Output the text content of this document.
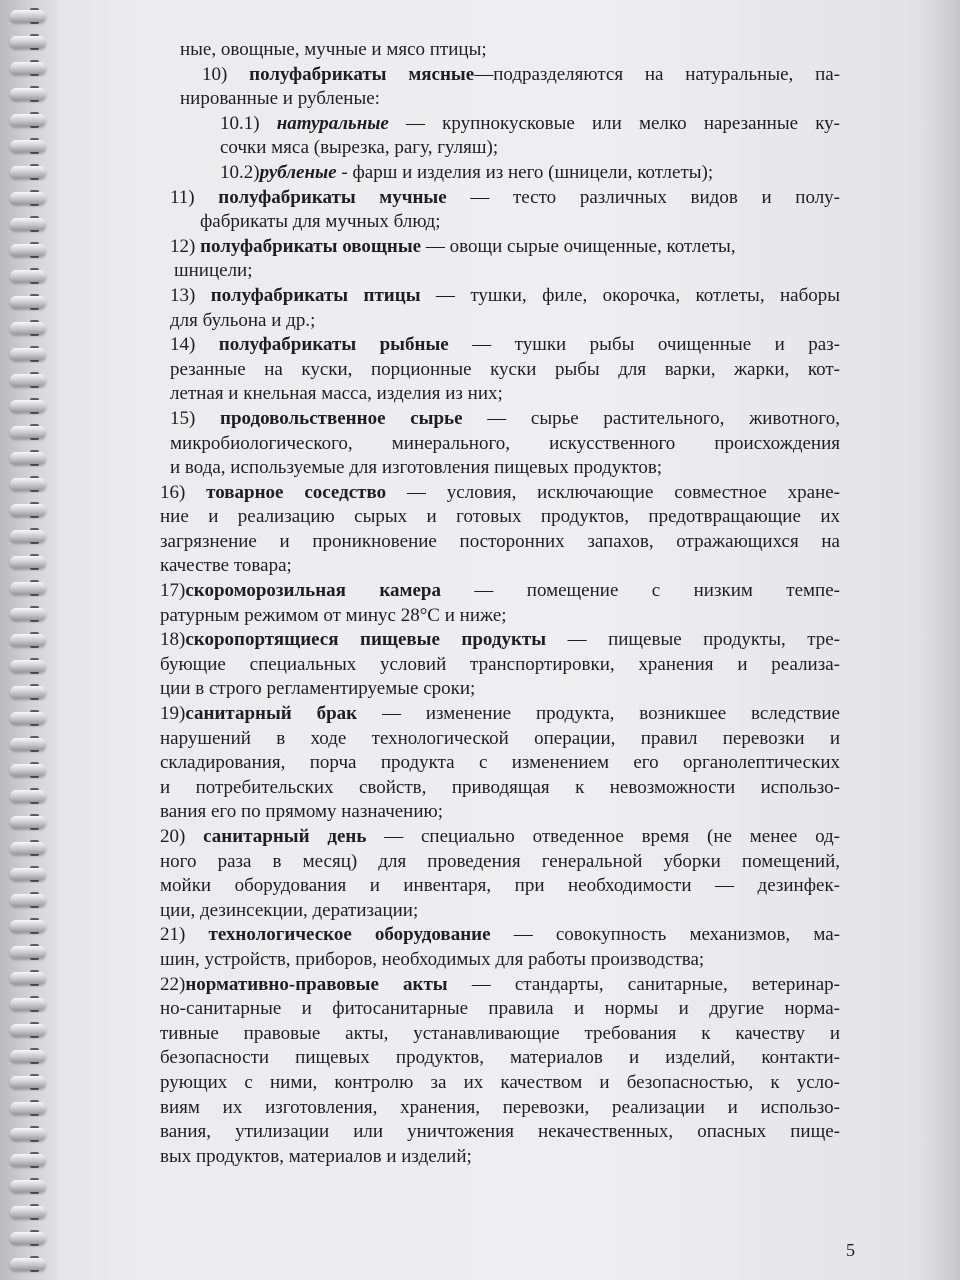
ные, овощные, мучные и мясо птицы;
10) полуфабрикаты мясные—подразделяются на натуральные, па-
нированные и рубленые:
10.1) натуральные — крупнокусковые или мелко нарезанные ку-
сочки мяса (вырезка, рагу, гуляш);
10.2)рубленые - фарш и изделия из него (шницели, котлеты);
11) полуфабрикаты мучные — тесто различных видов и полу-
фабрикаты для мучных блюд;
12) полуфабрикаты овощные — овощи сырые очищенные, котлеты,
шницели;
13) полуфабрикаты птицы — тушки, филе, окорочка, котлеты, наборы
для бульона и др.;
14) полуфабрикаты рыбные — тушки рыбы очищенные и раз-
резанные на куски, порционные куски рыбы для варки, жарки, кот-
летная и кнельная масса, изделия из них;
15) продовольственное сырье — сырье растительного, животного,
микробиологического, минерального, искусственного происхождения
и вода, используемые для изготовления пищевых продуктов;
16) товарное соседство — условия, исключающие совместное хране-
ние и реализацию сырых и готовых продуктов, предотвращающие их
загрязнение и проникновение посторонних запахов, отражающихся на
качестве товара;
17)скороморозильная камера — помещение с низким темпе-
ратурным режимом от минус 28°С и ниже;
18)скоропортящиеся пищевые продукты — пищевые продукты, тре-
бующие специальных условий транспортировки, хранения и реализа-
ции в строго регламентируемые сроки;
19)санитарный брак — изменение продукта, возникшее вследствие
нарушений в ходе технологической операции, правил перевозки и
складирования, порча продукта с изменением его органолептических
и потребительских свойств, приводящая к невозможности использо-
вания его по прямому назначению;
20) санитарный день — специально отведенное время (не менее од-
ного раза в месяц) для проведения генеральной уборки помещений,
мойки оборудования и инвентаря, при необходимости — дезинфек-
ции, дезинсекции, дератизации;
21) технологическое оборудование — совокупность механизмов, ма-
шин, устройств, приборов, необходимых для работы производства;
22)нормативно-правовые акты — стандарты, санитарные, ветеринар-
но-санитарные и фитосанитарные правила и нормы и другие норма-
тивные правовые акты, устанавливающие требования к качеству и
безопасности пищевых продуктов, материалов и изделий, контакти-
рующих с ними, контролю за их качеством и безопасностью, к усло-
виям их изготовления, хранения, перевозки, реализации и использо-
вания, утилизации или уничтожения некачественных, опасных пище-
вых продуктов, материалов и изделий;
5
